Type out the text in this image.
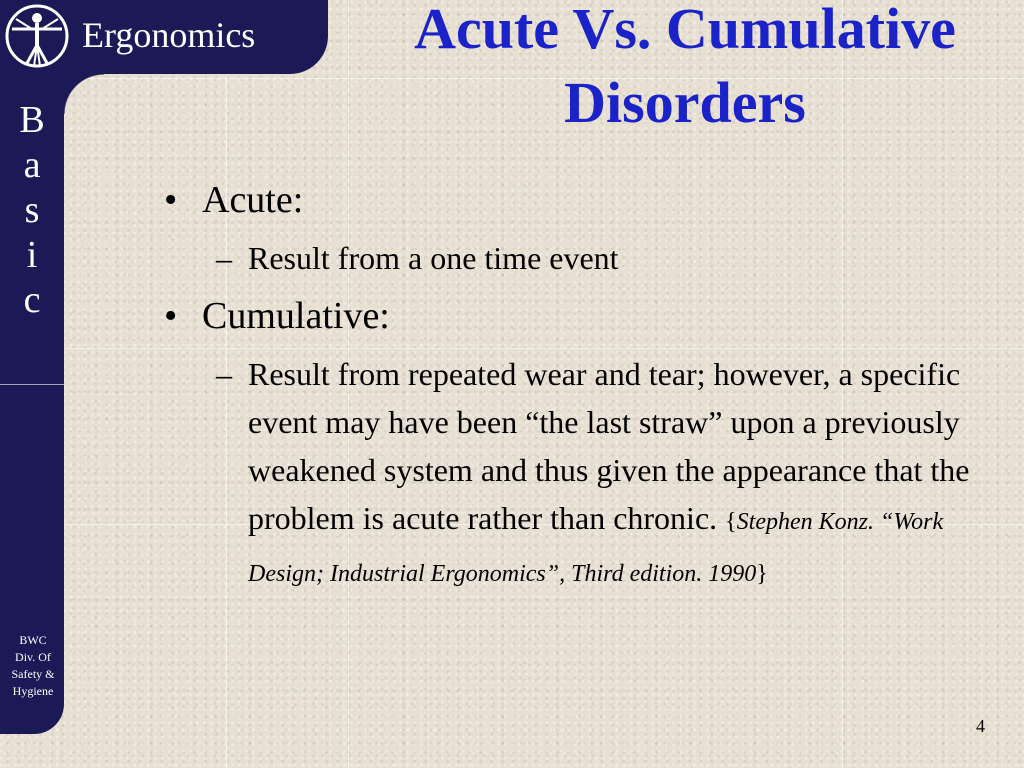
Ergonomics
B
a
s
i
c
BWC
Div. Of
Safety &
Hygiene
Acute Vs. Cumulative
Disorders
• Acute:
– Result from a one time event
• Cumulative:
– Result from repeated wear and tear; however, a specific event may have been “the last straw” upon a previously weakened system and thus given the appearance that the problem is acute rather than chronic. {Stephen Konz. “Work Design; Industrial Ergonomics”, Third edition. 1990}
4
